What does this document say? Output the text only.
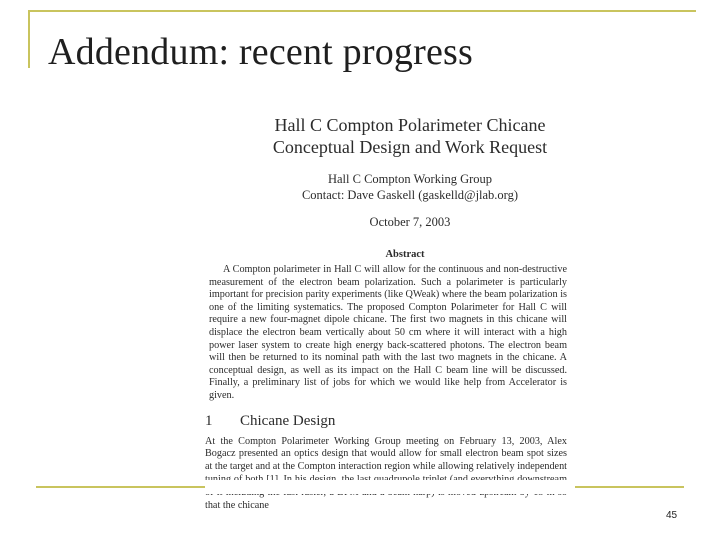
Addendum: recent progress
Hall C Compton Polarimeter Chicane
Conceptual Design and Work Request
Hall C Compton Working Group
Contact: Dave Gaskell (gaskelld@jlab.org)
October 7, 2003
Abstract
A Compton polarimeter in Hall C will allow for the continuous and non-destructive measurement of the electron beam polarization. Such a polarimeter is particularly important for precision parity experiments (like QWeak) where the beam polarization is one of the limiting systematics. The proposed Compton Polarimeter for Hall C will require a new four-magnet dipole chicane. The first two magnets in this chicane will displace the electron beam vertically about 50 cm where it will interact with a high power laser system to create high energy back-scattered photons. The electron beam will then be returned to its nominal path with the last two magnets in the chicane. A conceptual design, as well as its impact on the Hall C beam line will be discussed. Finally, a preliminary list of jobs for which we would like help from Accelerator is given.
1 Chicane Design
At the Compton Polarimeter Working Group meeting on February 13, 2003, Alex Bogacz presented an optics design that would allow for small electron beam spot sizes at the target and at the Compton interaction region while allowing relatively independent that the chicane
45
